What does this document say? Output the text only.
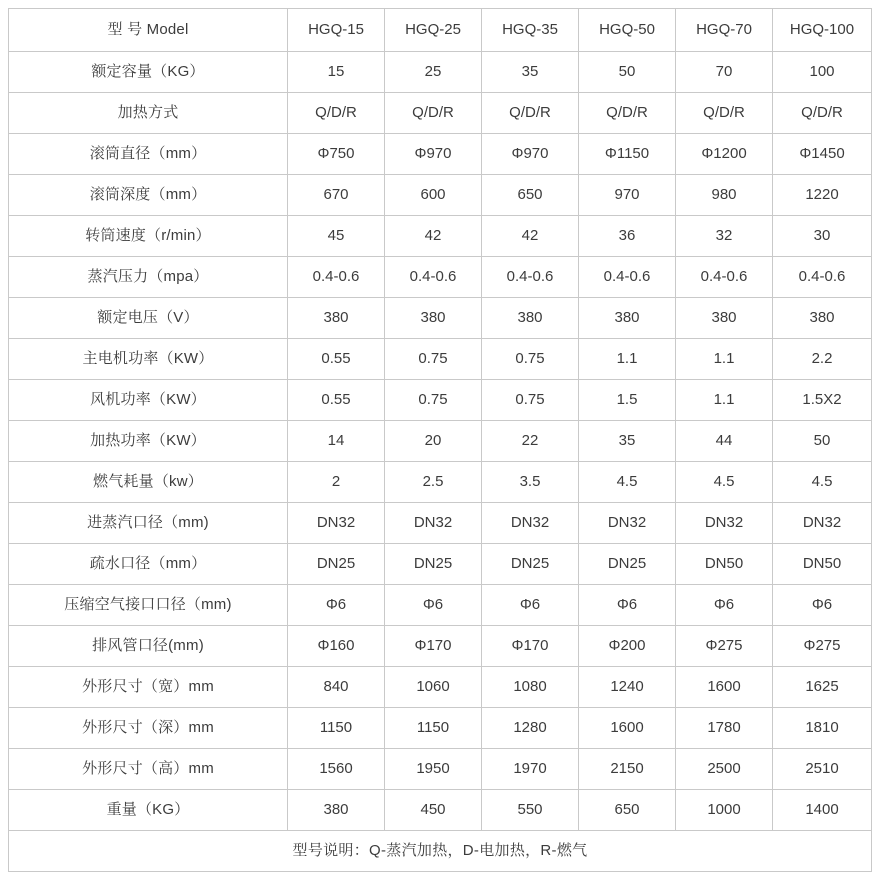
型 号 Model	HGQ-15	HGQ-25	HGQ-35	HGQ-50	HGQ-70	HGQ-100
额定容量（KG）	15	25	35	50	70	100
加热方式	Q/D/R	Q/D/R	Q/D/R	Q/D/R	Q/D/R	Q/D/R
滚筒直径（mm）	Φ750	Φ970	Φ970	Φ1150	Φ1200	Φ1450
滚筒深度（mm）	670	600	650	970	980	1220
转筒速度（r/min）	45	42	42	36	32	30
蒸汽压力（mpa）	0.4-0.6	0.4-0.6	0.4-0.6	0.4-0.6	0.4-0.6	0.4-0.6
额定电压（V）	380	380	380	380	380	380
主电机功率（KW）	0.55	0.75	0.75	1.1	1.1	2.2
风机功率（KW）	0.55	0.75	0.75	1.5	1.1	1.5X2
加热功率（KW）	14	20	22	35	44	50
燃气耗量（kw）	2	2.5	3.5	4.5	4.5	4.5
进蒸汽口径（mm)	DN32	DN32	DN32	DN32	DN32	DN32
疏水口径（mm）	DN25	DN25	DN25	DN25	DN50	DN50
压缩空气接口口径（mm)	Φ6	Φ6	Φ6	Φ6	Φ6	Φ6
排风管口径(mm)	Φ160	Φ170	Φ170	Φ200	Φ275	Φ275
外形尺寸（宽）mm	840	1060	1080	1240	1600	1625
外形尺寸（深）mm	1150	1150	1280	1600	1780	1810
外形尺寸（高）mm	1560	1950	1970	2150	2500	2510
重量（KG）	380	450	550	650	1000	1400
型号说明：Q-蒸汽加热，D-电加热，R-燃气						
